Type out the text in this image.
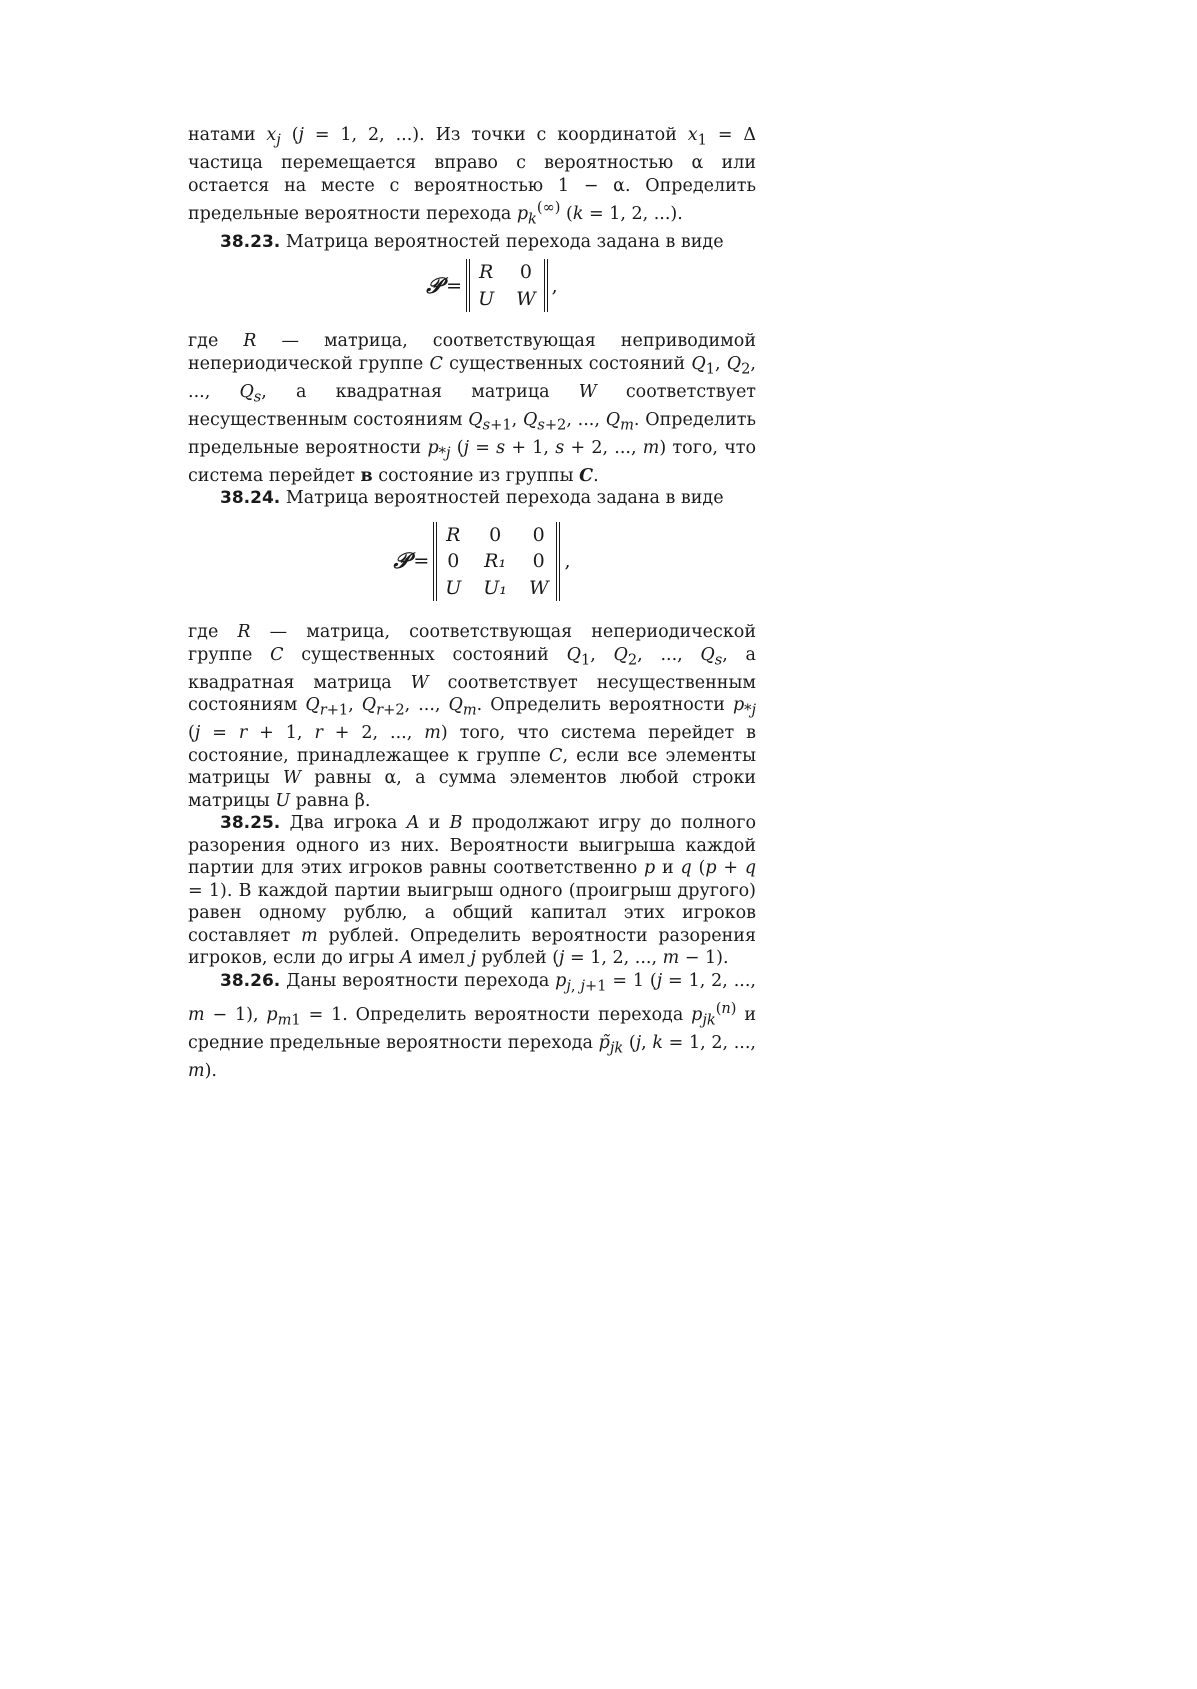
натами $x_j$ (j = 1, 2, ...). Из точки с координатой $x_1 = \Delta$ частица перемещается вправо с вероятностью α или остается на месте с вероятностью 1 − α. Определить предельные вероятности перехода $p_k^{(\infty)}$ (k = 1, 2, ...).

38.23. Матрица вероятностей перехода задана в виде

𝒫 =
R 0
U W
,

где R — матрица, соответствующая неприводимой непериодической группе C существенных состояний $Q_1$, $Q_2$, ..., $Q_s$, а квадратная матрица W соответствует несущественным состояниям $Q_{s+1}$, $Q_{s+2}$, ..., $Q_m$. Определить предельные вероятности $p_{*j}$ (j = s + 1, s + 2, ..., m) того, что система перейдет в состояние из группы C.

38.24. Матрица вероятностей перехода задана в виде

𝒫 =
R	0	0
0 R₁ 0
U U₁ W
,

где R — матрица, соответствующая непериодической группе C существенных состояний $Q_1$, $Q_2$, ..., $Q_s$, а квадратная матрица W соответствует несущественным состояниям $Q_{r+1}$, $Q_{r+2}$, ..., $Q_m$. Определить вероятности $p_{*j}$ (j = r + 1, r + 2, ..., m) того, что система перейдет в состояние, принадлежащее к группе C, если все элементы матрицы W равны α, а сумма элементов любой строки матрицы U равна β.

38.25. Два игрока A и B продолжают игру до полного разорения одного из них. Вероятности выигрыша каждой партии для этих игроков равны соответственно p и q (p + q = 1). В каждой партии выигрыш одного (проигрыш другого) равен одному рублю, а общий капитал этих игроков составляет m рублей. Определить вероятности разорения игроков, если до игры A имел j рублей (j = 1, 2, ..., m − 1).

38.26. Даны вероятности перехода $p_{j, j+1} = 1$ (j = 1, 2, ..., m − 1), $p_{m1} = 1$. Определить вероятности перехода $p_{jk}^{(n)}$ и средние предельные вероятности перехода $p̃_{jk}$ (j, k = 1, 2, ..., m).
